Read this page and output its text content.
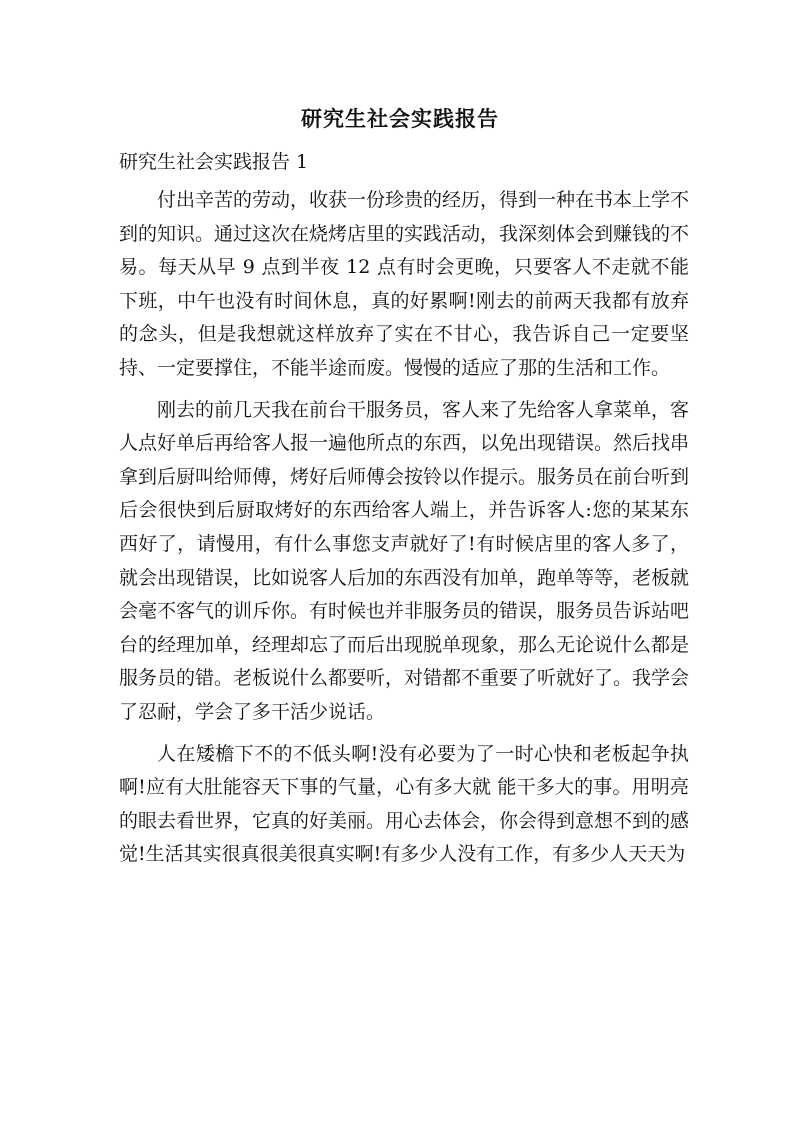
研究生社会实践报告
研究生社会实践报告 1

付出辛苦的劳动，收获一份珍贵的经历，得到一种在书本上学不到的知识。通过这次在烧烤店里的实践活动，我深刻体会到赚钱的不易。每天从早 9 点到半夜 12 点有时会更晚，只要客人不走就不能下班，中午也没有时间休息，真的好累啊!刚去的前两天我都有放弃的念头，但是我想就这样放弃了实在不甘心，我告诉自己一定要坚持、一定要撑住，不能半途而废。慢慢的适应了那的生活和工作。

刚去的前几天我在前台干服务员，客人来了先给客人拿菜单，客人点好单后再给客人报一遍他所点的东西，以免出现错误。然后找串拿到后厨叫给师傅，烤好后师傅会按铃以作提示。服务员在前台听到后会很快到后厨取烤好的东西给客人端上，并告诉客人:您的某某东西好了，请慢用，有什么事您支声就好了!有时候店里的客人多了，就会出现错误，比如说客人后加的东西没有加单，跑单等等，老板就会毫不客气的训斥你。有时候也并非服务员的错误，服务员告诉站吧台的经理加单，经理却忘了而后出现脱单现象，那么无论说什么都是服务员的错。老板说什么都要听，对错都不重要了听就好了。我学会了忍耐，学会了多干活少说话。

人在矮檐下不的不低头啊!没有必要为了一时心快和老板起争执啊!应有大肚能容天下事的气量，心有多大就 能干多大的事。用明亮的眼去看世界，它真的好美丽。用心去体会，你会得到意想不到的感觉!生活其实很真很美很真实啊!有多少人没有工作，有多少人天天为
